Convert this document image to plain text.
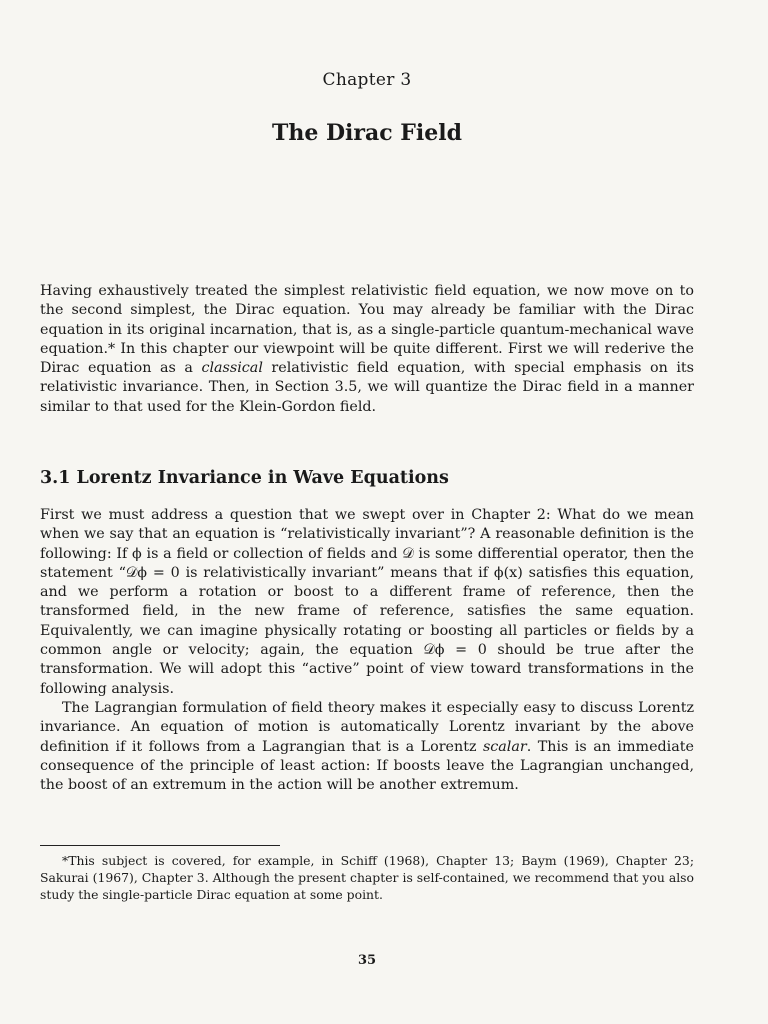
Chapter 3
The Dirac Field

Having exhaustively treated the simplest relativistic field equation, we now move on to the second simplest, the Dirac equation. You may already be familiar with the Dirac equation in its original incarnation, that is, as a single-particle quantum-mechanical wave equation.* In this chapter our viewpoint will be quite different. First we will rederive the Dirac equation as a classical relativistic field equation, with special emphasis on its relativistic invariance. Then, in Section 3.5, we will quantize the Dirac field in a manner similar to that used for the Klein-Gordon field.

3.1 Lorentz Invariance in Wave Equations

First we must address a question that we swept over in Chapter 2: What do we mean when we say that an equation is “relativistically invariant”? A reasonable definition is the following: If ϕ is a field or collection of fields and 𝒟 is some differential operator, then the statement “𝒟ϕ = 0 is relativistically invariant” means that if ϕ(x) satisfies this equation, and we perform a rotation or boost to a different frame of reference, then the transformed field, in the new frame of reference, satisfies the same equation. Equivalently, we can imagine physically rotating or boosting all particles or fields by a common angle or velocity; again, the equation 𝒟ϕ = 0 should be true after the transformation. We will adopt this “active” point of view toward transformations in the following analysis.

The Lagrangian formulation of field theory makes it especially easy to discuss Lorentz invariance. An equation of motion is automatically Lorentz invariant by the above definition if it follows from a Lagrangian that is a Lorentz scalar. This is an immediate consequence of the principle of least action: If boosts leave the Lagrangian unchanged, the boost of an extremum in the action will be another extremum.

*This subject is covered, for example, in Schiff (1968), Chapter 13; Baym (1969), Chapter 23; Sakurai (1967), Chapter 3. Although the present chapter is self-contained, we recommend that you also study the single-particle Dirac equation at some point.

35
